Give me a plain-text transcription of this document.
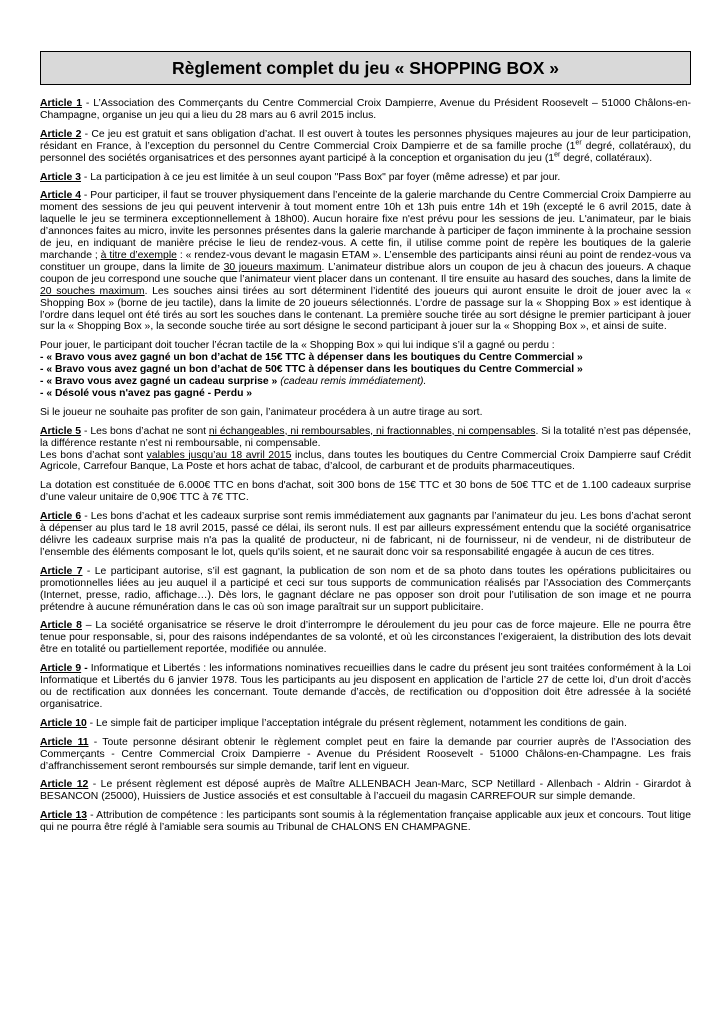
Règlement complet du jeu « SHOPPING BOX »

Article 1 - L’Association des Commerçants du Centre Commercial Croix Dampierre, Avenue du Président Roosevelt – 51000 Châlons-en-Champagne, organise un jeu qui a lieu du 28 mars au 6 avril 2015 inclus.

Article 2 - Ce jeu est gratuit et sans obligation d’achat. Il est ouvert à toutes les personnes physiques majeures au jour de leur participation, résidant en France, à l’exception du personnel du Centre Commercial Croix Dampierre et de sa famille proche (1er degré, collatéraux), du personnel des sociétés organisatrices et des personnes ayant participé à la conception et organisation du jeu (1er degré, collatéraux).

Article 3 - La participation à ce jeu est limitée à un seul coupon "Pass Box" par foyer (même adresse) et par jour.

Article 4 - Pour participer, il faut se trouver physiquement dans l’enceinte de la galerie marchande du Centre Commercial Croix Dampierre au moment des sessions de jeu qui peuvent intervenir à tout moment entre 10h et 13h puis entre 14h et 19h (excepté le 6 avril 2015, date à laquelle le jeu se terminera exceptionnellement à 18h00). Aucun horaire fixe n'est prévu pour les sessions de jeu. L'animateur, par le biais d’annonces faites au micro, invite les personnes présentes dans la galerie marchande à participer de façon imminente à la prochaine session de jeu, en indiquant de manière précise le lieu de rendez-vous. A cette fin, il utilise comme point de repère les boutiques de la galerie marchande ; à titre d’exemple : « rendez-vous devant le magasin ETAM ». L’ensemble des participants ainsi réuni au point de rendez-vous va constituer un groupe, dans la limite de 30 joueurs maximum. L’animateur distribue alors un coupon de jeu à chacun des joueurs. A chaque coupon de jeu correspond une souche que l’animateur vient placer dans un contenant. Il tire ensuite au hasard des souches, dans la limite de 20 souches maximum. Les souches ainsi tirées au sort déterminent l’identité des joueurs qui auront ensuite le droit de jouer avec la « Shopping Box » (borne de jeu tactile), dans la limite de 20 joueurs sélectionnés. L’ordre de passage sur la « Shopping Box » est identique à l’ordre dans lequel ont été tirés au sort les souches dans le contenant. La première souche tirée au sort désigne le premier participant à jouer sur la « Shopping Box », la seconde souche tirée au sort désigne le second participant à jouer sur la « Shopping Box », et ainsi de suite.

Pour jouer, le participant doit toucher l’écran tactile de la « Shopping Box » qui lui indique s’il a gagné ou perdu :

- « Bravo vous avez gagné un bon d’achat de 15€ TTC à dépenser dans les boutiques du Centre Commercial »
- « Bravo vous avez gagné un bon d’achat de 50€ TTC à dépenser dans les boutiques du Centre Commercial »
- « Bravo vous avez gagné un cadeau surprise » (cadeau remis immédiatement).
- « Désolé vous n'avez pas gagné - Perdu »

Si le joueur ne souhaite pas profiter de son gain, l’animateur procédera à un autre tirage au sort.

Article 5 - Les bons d’achat ne sont ni échangeables, ni remboursables, ni fractionnables, ni compensables. Si la totalité n’est pas dépensée, la différence restante n’est ni remboursable, ni compensable.

Les bons d’achat sont valables jusqu’au 18 avril 2015 inclus, dans toutes les boutiques du Centre Commercial Croix Dampierre sauf Crédit Agricole, Carrefour Banque, La Poste et hors achat de tabac, d’alcool, de carburant et de produits pharmaceutiques.

La dotation est constituée de 6.000€ TTC en bons d'achat, soit 300 bons de 15€ TTC et 30 bons de 50€ TTC et de 1.100 cadeaux surprise d’une valeur unitaire de 0,90€ TTC à 7€ TTC.

Article 6 - Les bons d’achat et les cadeaux surprise sont remis immédiatement aux gagnants par l’animateur du jeu. Les bons d’achat seront à dépenser au plus tard le 18 avril 2015, passé ce délai, ils seront nuls. Il est par ailleurs expressément entendu que la société organisatrice délivre les cadeaux surprise mais n'a pas la qualité de producteur, ni de fabricant, ni de fournisseur, ni de vendeur, ni de distributeur de l’ensemble des éléments composant le lot, quels qu'ils soient, et ne saurait donc voir sa responsabilité engagée à aucun de ces titres.

Article 7 - Le participant autorise, s’il est gagnant, la publication de son nom et de sa photo dans toutes les opérations publicitaires ou promotionnelles liées au jeu auquel il a participé et ceci sur tous supports de communication réalisés par l’Association des Commerçants (Internet, presse, radio, affichage…). Dès lors, le gagnant déclare ne pas opposer son droit pour l’utilisation de son image et ne pourra prétendre à aucune rémunération dans le cas où son image paraîtrait sur un support publicitaire.

Article 8 – La société organisatrice se réserve le droit d’interrompre le déroulement du jeu pour cas de force majeure. Elle ne pourra être tenue pour responsable, si, pour des raisons indépendantes de sa volonté, et où les circonstances l’exigeraient, la distribution des lots devait être en totalité ou partiellement reportée, modifiée ou annulée.

Article 9 - Informatique et Libertés : les informations nominatives recueillies dans le cadre du présent jeu sont traitées conformément à la Loi Informatique et Libertés du 6 janvier 1978. Tous les participants au jeu disposent en application de l’article 27 de cette loi, d’un droit d’accès ou de rectification aux données les concernant. Toute demande d’accès, de rectification ou d’opposition doit être adressée à la société organisatrice.

Article 10 - Le simple fait de participer implique l’acceptation intégrale du présent règlement, notamment les conditions de gain.

Article 11 - Toute personne désirant obtenir le règlement complet peut en faire la demande par courrier auprès de l’Association des Commerçants - Centre Commercial Croix Dampierre - Avenue du Président Roosevelt - 51000 Châlons-en-Champagne. Les frais d’affranchissement seront remboursés sur simple demande, tarif lent en vigueur.

Article 12 - Le présent règlement est déposé auprès de Maître ALLENBACH Jean-Marc, SCP Netillard - Allenbach - Aldrin - Girardot à BESANCON (25000), Huissiers de Justice associés et est consultable à l’accueil du magasin CARREFOUR sur simple demande.

Article 13 - Attribution de compétence : les participants sont soumis à la réglementation française applicable aux jeux et concours. Tout litige qui ne pourra être réglé à l’amiable sera soumis au Tribunal de CHALONS EN CHAMPAGNE.
